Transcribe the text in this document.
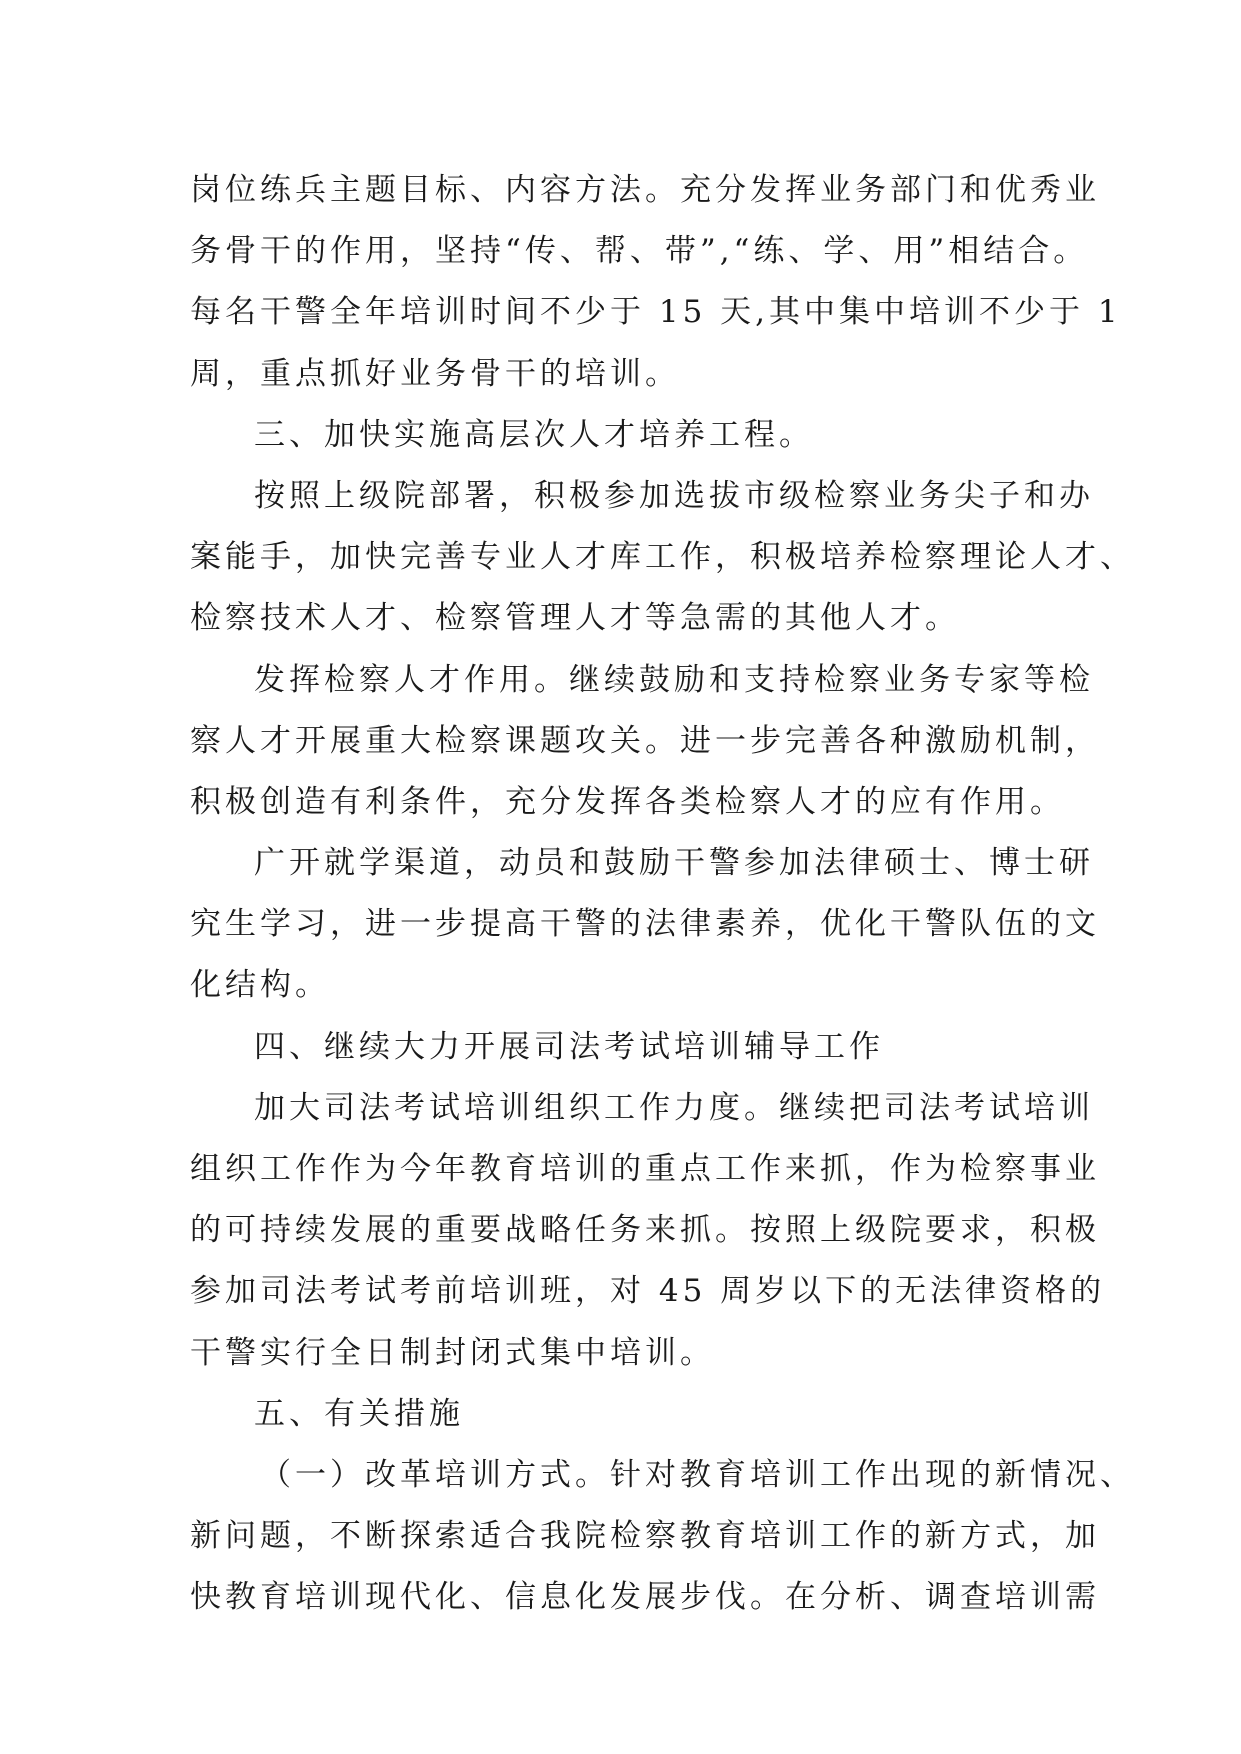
岗位练兵主题目标、内容方法。充分发挥业务部门和优秀业
务骨干的作用，坚持“传、帮、带”,“练、学、用”相结合。
每名干警全年培训时间不少于 15 天,其中集中培训不少于 1
周，重点抓好业务骨干的培训。
三、加快实施高层次人才培养工程。
按照上级院部署，积极参加选拔市级检察业务尖子和办
案能手，加快完善专业人才库工作，积极培养检察理论人才、
检察技术人才、检察管理人才等急需的其他人才。
发挥检察人才作用。继续鼓励和支持检察业务专家等检
察人才开展重大检察课题攻关。进一步完善各种激励机制，
积极创造有利条件，充分发挥各类检察人才的应有作用。
广开就学渠道，动员和鼓励干警参加法律硕士、博士研
究生学习，进一步提高干警的法律素养，优化干警队伍的文
化结构。
四、继续大力开展司法考试培训辅导工作
加大司法考试培训组织工作力度。继续把司法考试培训
组织工作作为今年教育培训的重点工作来抓，作为检察事业
的可持续发展的重要战略任务来抓。按照上级院要求，积极
参加司法考试考前培训班，对 45 周岁以下的无法律资格的
干警实行全日制封闭式集中培训。
五、有关措施
（一）改革培训方式。针对教育培训工作出现的新情况、
新问题，不断探索适合我院检察教育培训工作的新方式，加
快教育培训现代化、信息化发展步伐。在分析、调查培训需
